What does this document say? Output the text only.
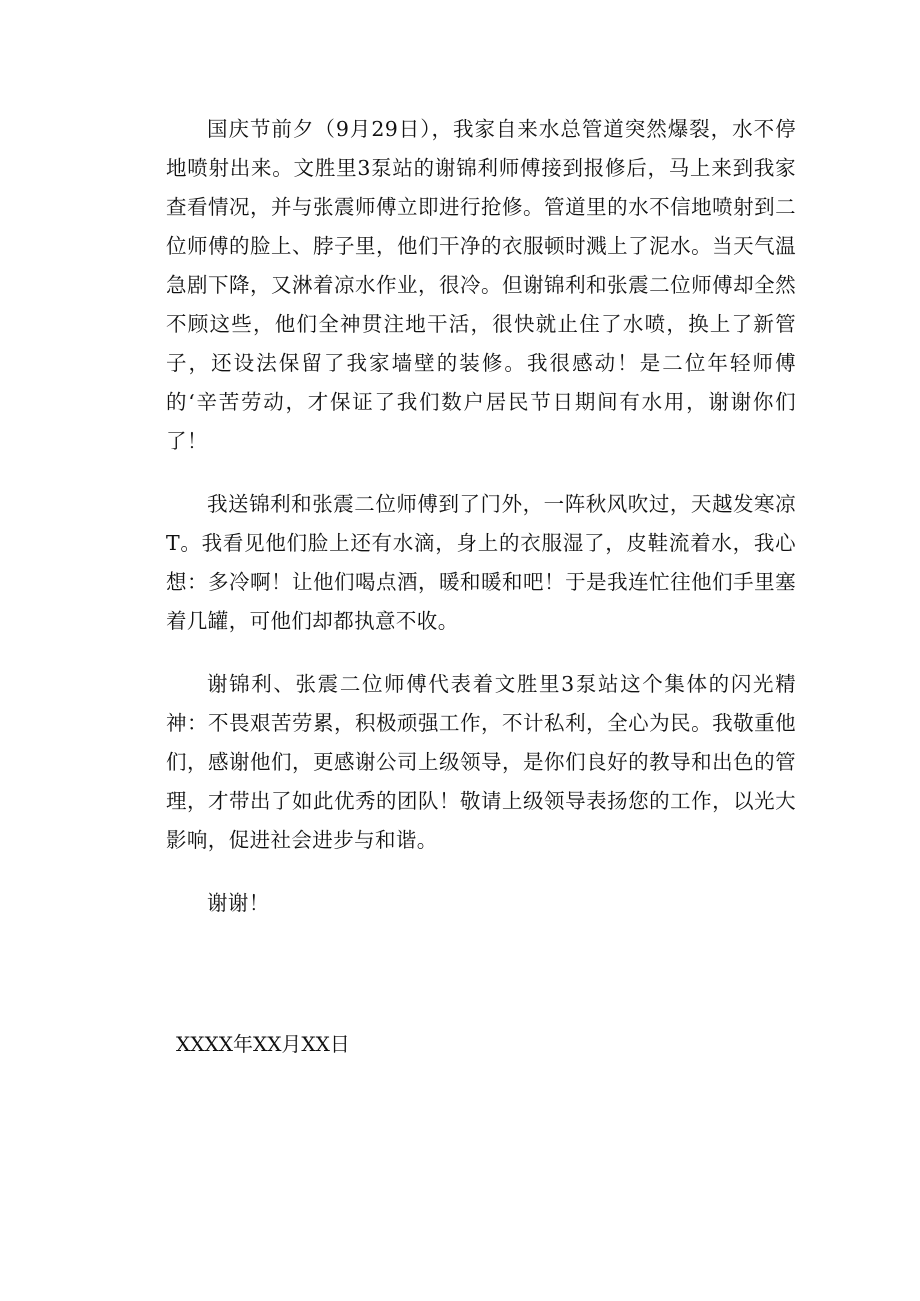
国庆节前夕（9月29日），我家自来水总管道突然爆裂，水不停地喷射出来。文胜里3泵站的谢锦利师傅接到报修后，马上来到我家查看情况，并与张震师傅立即进行抢修。管道里的水不信地喷射到二位师傅的脸上、脖子里，他们干净的衣服顿时溅上了泥水。当天气温急剧下降，又淋着凉水作业，很冷。但谢锦利和张震二位师傅却全然不顾这些，他们全神贯注地干活，很快就止住了水喷，换上了新管子，还设法保留了我家墙壁的装修。我很感动！是二位年轻师傅的‘辛苦劳动，才保证了我们数户居民节日期间有水用，谢谢你们了！

我送锦利和张震二位师傅到了门外，一阵秋风吹过，天越发寒凉T。我看见他们脸上还有水滴，身上的衣服湿了，皮鞋流着水，我心想：多冷啊！让他们喝点酒，暖和暖和吧！于是我连忙往他们手里塞着几罐，可他们却都执意不收。

谢锦利、张震二位师傅代表着文胜里3泵站这个集体的闪光精神：不畏艰苦劳累，积极顽强工作，不计私利，全心为民。我敬重他们，感谢他们，更感谢公司上级领导，是你们良好的教导和出色的管理，才带出了如此优秀的团队！敬请上级领导表扬您的工作，以光大影响，促进社会进步与和谐。

谢谢！

XXXX年XX月XX日
